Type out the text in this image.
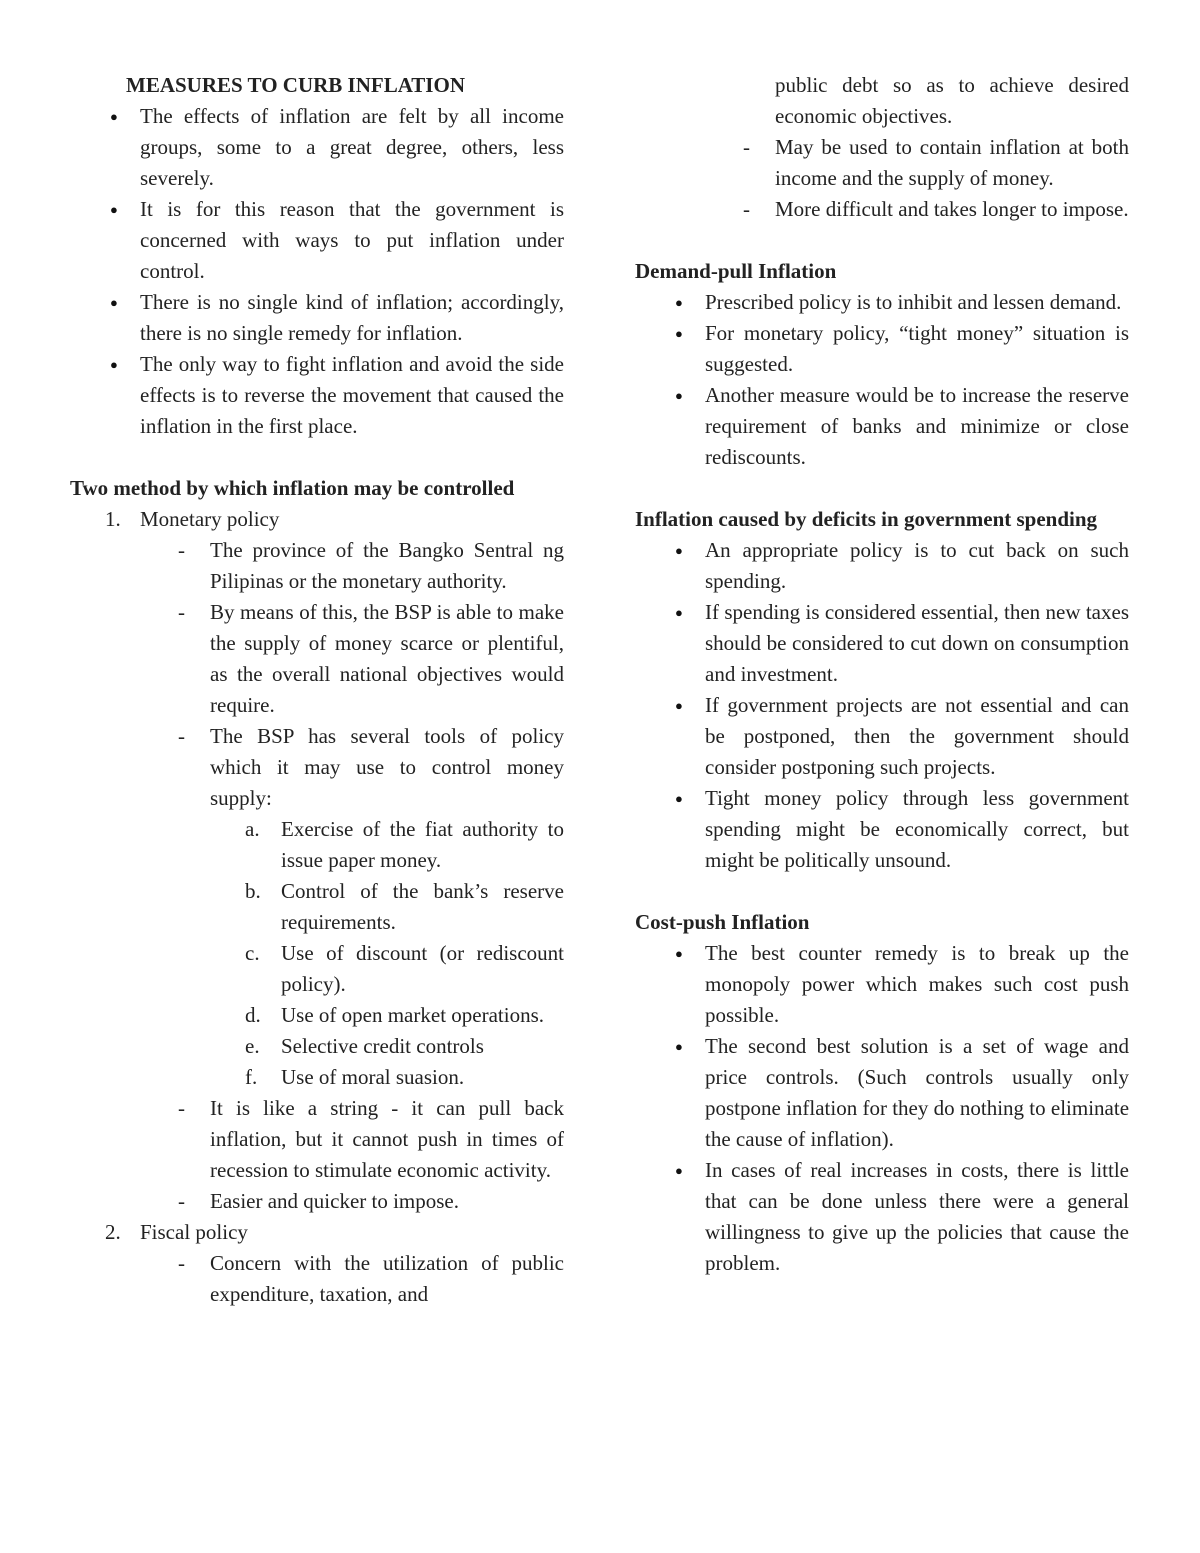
MEASURES TO CURB INFLATION
● The effects of inflation are felt by all income groups, some to a great degree, others, less severely.
● It is for this reason that the government is concerned with ways to put inflation under control.
● There is no single kind of inflation; accordingly, there is no single remedy for inflation.
● The only way to fight inflation and avoid the side effects is to reverse the movement that caused the inflation in the first place.
Two method by which inflation may be controlled
1. Monetary policy
- The province of the Bangko Sentral ng Pilipinas or the monetary authority.
- By means of this, the BSP is able to make the supply of money scarce or plentiful, as the overall national objectives would require.
- The BSP has several tools of policy which it may use to control money supply:
a. Exercise of the fiat authority to issue paper money.
b. Control of the bank’s reserve requirements.
c. Use of discount (or rediscount policy).
d. Use of open market operations.
e. Selective credit controls
f. Use of moral suasion.
- It is like a string - it can pull back inflation, but it cannot push in times of recession to stimulate economic activity.
- Easier and quicker to impose.
2. Fiscal policy
- Concern with the utilization of public expenditure, taxation, and
public debt so as to achieve desired economic objectives.
- May be used to contain inflation at both income and the supply of money.
- More difficult and takes longer to impose.
Demand-pull Inflation
● Prescribed policy is to inhibit and lessen demand.
● For monetary policy, “tight money” situation is suggested.
● Another measure would be to increase the reserve requirement of banks and minimize or close rediscounts.
Inflation caused by deficits in government spending
● An appropriate policy is to cut back on such spending.
● If spending is considered essential, then new taxes should be considered to cut down on consumption and investment.
● If government projects are not essential and can be postponed, then the government should consider postponing such projects.
● Tight money policy through less government spending might be economically correct, but might be politically unsound.
Cost-push Inflation
● The best counter remedy is to break up the monopoly power which makes such cost push possible.
● The second best solution is a set of wage and price controls. (Such controls usually only postpone inflation for they do nothing to eliminate the cause of inflation).
● In cases of real increases in costs, there is little that can be done unless there were a general willingness to give up the policies that cause the problem.
